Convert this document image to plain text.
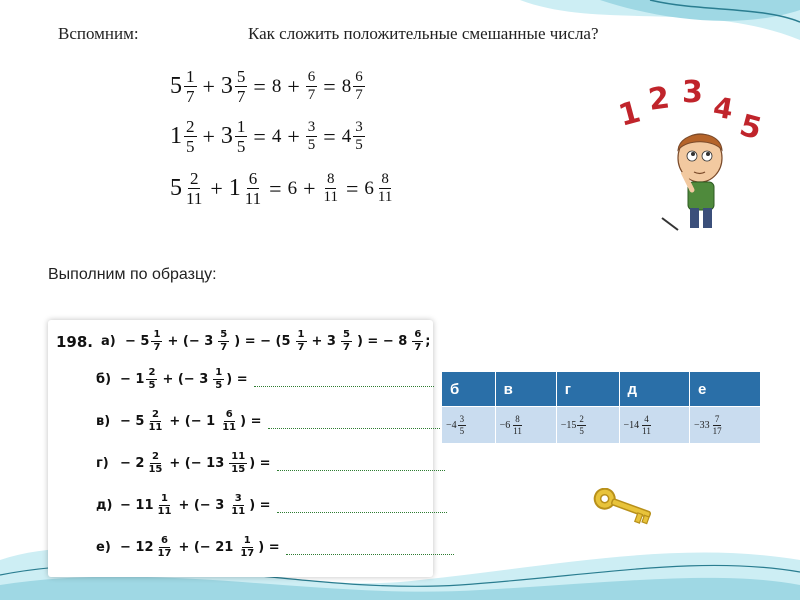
Вспомним:	Как сложить положительные смешанные числа?
$5 \frac{1}{7} + 3 \frac{5}{7} = 8 + \frac{6}{7} = 8 \frac{6}{7}$
$1 \frac{2}{5} + 3 \frac{1}{5} = 4 + \frac{3}{5} = 4 \frac{3}{5}$
$5 \frac{2}{11} + 1 \frac{6}{11} = 6 + \frac{8}{11} = 6 \frac{8}{11}$
1 2 3 4 5
Выполним по образцу:
198. $а) - 5 \frac{1}{7}$ + (− $3 \frac{5}{7}$ ) = − ($5 \frac{1}{7} + 3 \frac{5}{7}$ ) = − $8 \frac{6}{7}$ ;
$б) - 1 \frac{2}{5}$ + (− $3 \frac{1}{5}$ ) =
$в) - 5 \frac{2}{11}$ + (− $1 \frac{6}{11}$ ) =
$г) - 2 \frac{2}{15}$ + (− $13 \frac{11}{15}$ ) =
$д) - 11 \frac{1}{11}$ + (− $3 \frac{3}{11}$ ) =
$е) - 12 \frac{6}{17}$ + (− $21 \frac{1}{17}$ ) =
б	в	г	д	е

$-4 \frac{3}{5}$	$-6 \frac{8}{11}$	$-15 \frac{2}{5}$	$-14 \frac{4}{11}$	$-33 \frac{7}{17}$
